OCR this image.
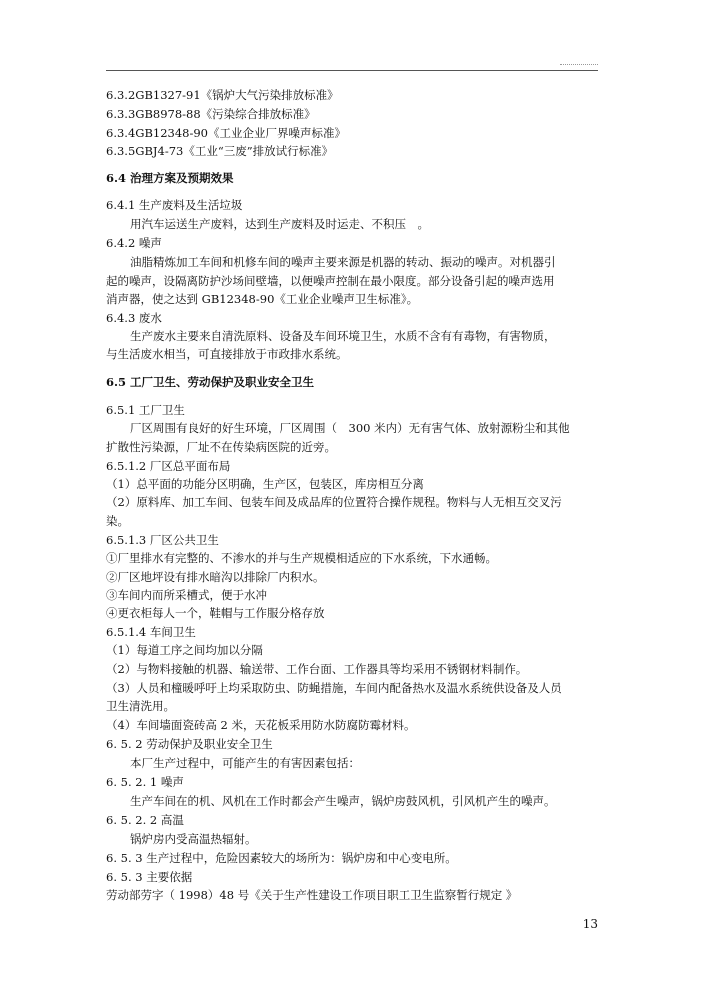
6.3.2GB1327-91《锅炉大气污染排放标准》
6.3.3GB8978-88《污染综合排放标准》
6.3.4GB12348-90《工业企业厂界噪声标准》
6.3.5GBJ4-73《工业“三废”排放试行标准》
6.4 治理方案及预期效果
6.4.1 生产废料及生活垃圾
用汽车运送生产废料，达到生产废料及时运走、不积压　。
6.4.2 噪声
油脂精炼加工车间和机修车间的噪声主要来源是机器的转动、振动的噪声。对机器引
起的噪声，设隔离防护沙场间壁墙，以便噪声控制在最小限度。部分设备引起的噪声选用
消声器，使之达到 GB12348-90《工业企业噪声卫生标准》。
6.4.3 废水
生产废水主要来自清洗原料、设备及车间环境卫生，水质不含有有毒物，有害物质，
与生活废水相当，可直接排放于市政排水系统。
6.5 工厂卫生、劳动保护及职业安全卫生
6.5.1 工厂卫生
厂区周围有良好的好生环境，厂区周围（　300 米内）无有害气体、放射源粉尘和其他
扩散性污染源，厂址不在传染病医院的近旁。
6.5.1.2 厂区总平面布局
（1）总平面的功能分区明确，生产区，包装区，库房相互分离
（2）原料库、加工车间、包装车间及成品库的位置符合操作规程。物料与人无相互交叉污
染。
6.5.1.3 厂区公共卫生
①厂里排水有完整的、不渗水的并与生产规模相适应的下水系统，下水通畅。
②厂区地坪设有排水暗沟以排除厂内积水。
③车间内而所采槽式，便于水冲
④更衣柜每人一个，鞋帽与工作服分格存放
6.5.1.4 车间卫生
（1）每道工序之间均加以分隔
（2）与物料接触的机器、输送带、工作台面、工作器具等均采用不锈钢材料制作。
（3）人员和橦暖呼吁上均采取防虫、防蝇措施，车间内配备热水及温水系统供设备及人员
卫生清洗用。
（4）车间墙面瓷砖高 2 米，天花板采用防水防腐防霉材料。
6. 5. 2 劳动保护及职业安全卫生
本厂生产过程中，可能产生的有害因素包括：
6. 5. 2. 1 噪声
生产车间在的机、风机在工作时都会产生噪声，锅炉房鼓风机，引风机产生的噪声。
6. 5. 2. 2 高温
锅炉房内受高温热辐射。
6. 5. 3 生产过程中，危险因素较大的场所为：锅炉房和中心变电所。
6. 5. 3 主要依据
劳动部劳字（ 1998）48 号《关于生产性建设工作项目职工卫生监察暂行规定 》
13
